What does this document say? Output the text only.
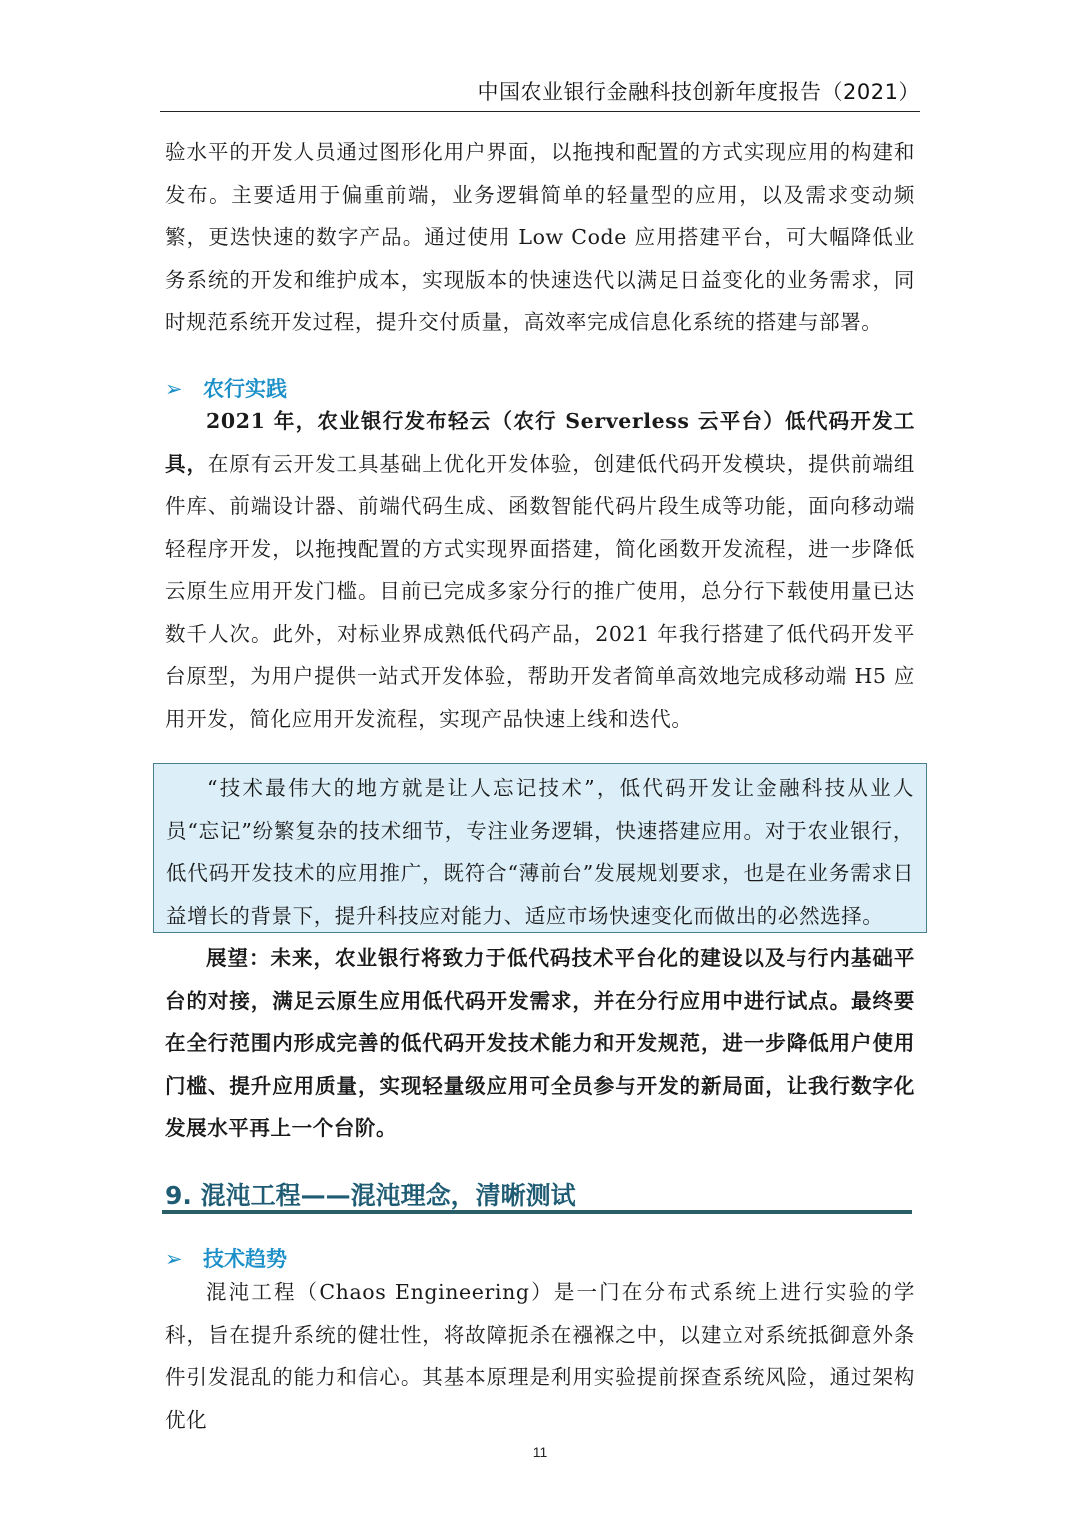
中国农业银行金融科技创新年度报告（2021）

验水平的开发人员通过图形化用户界面，以拖拽和配置的方式实现应用的构建和发布。主要适用于偏重前端，业务逻辑简单的轻量型的应用，以及需求变动频繁，更迭快速的数字产品。通过使用 Low Code 应用搭建平台，可大幅降低业务系统的开发和维护成本，实现版本的快速迭代以满足日益变化的业务需求，同时规范系统开发过程，提升交付质量，高效率完成信息化系统的搭建与部署。

➢ 农行实践

2021 年，农业银行发布轻云（农行 Serverless 云平台）低代码开发工具，在原有云开发工具基础上优化开发体验，创建低代码开发模块，提供前端组件库、前端设计器、前端代码生成、函数智能代码片段生成等功能，面向移动端轻程序开发，以拖拽配置的方式实现界面搭建，简化函数开发流程，进一步降低云原生应用开发门槛。目前已完成多家分行的推广使用，总分行下载使用量已达数千人次。此外，对标业界成熟低代码产品，2021 年我行搭建了低代码开发平台原型，为用户提供一站式开发体验，帮助开发者简单高效地完成移动端 H5 应用开发，简化应用开发流程，实现产品快速上线和迭代。

“技术最伟大的地方就是让人忘记技术”，低代码开发让金融科技从业人员“忘记”纷繁复杂的技术细节，专注业务逻辑，快速搭建应用。对于农业银行，低代码开发技术的应用推广，既符合“薄前台”发展规划要求，也是在业务需求日益增长的背景下，提升科技应对能力、适应市场快速变化而做出的必然选择。

展望：未来，农业银行将致力于低代码技术平台化的建设以及与行内基础平台的对接，满足云原生应用低代码开发需求，并在分行应用中进行试点。最终要在全行范围内形成完善的低代码开发技术能力和开发规范，进一步降低用户使用门槛、提升应用质量，实现轻量级应用可全员参与开发的新局面，让我行数字化发展水平再上一个台阶。

9. 混沌工程——混沌理念，清晰测试
➢ 技术趋势

混沌工程（Chaos Engineering）是一门在分布式系统上进行实验的学科，旨在提升系统的健壮性，将故障扼杀在襁褓之中，以建立对系统抵御意外条件引发混乱的能力和信心。其基本原理是利用实验提前探查系统风险，通过架构优化

11
